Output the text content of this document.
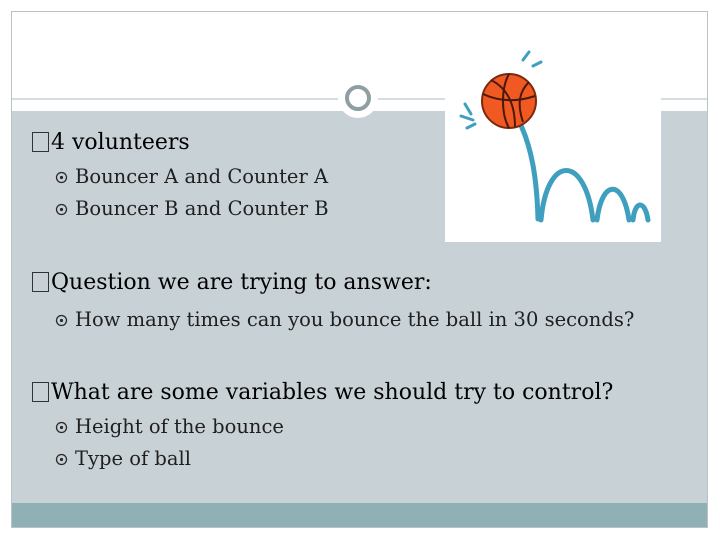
4 volunteers
Bouncer A and Counter A
Bouncer B and Counter B
Question we are trying to answer:
How many times can you bounce the ball in 30 seconds?
What are some variables we should try to control?
Height of the bounce
Type of ball
